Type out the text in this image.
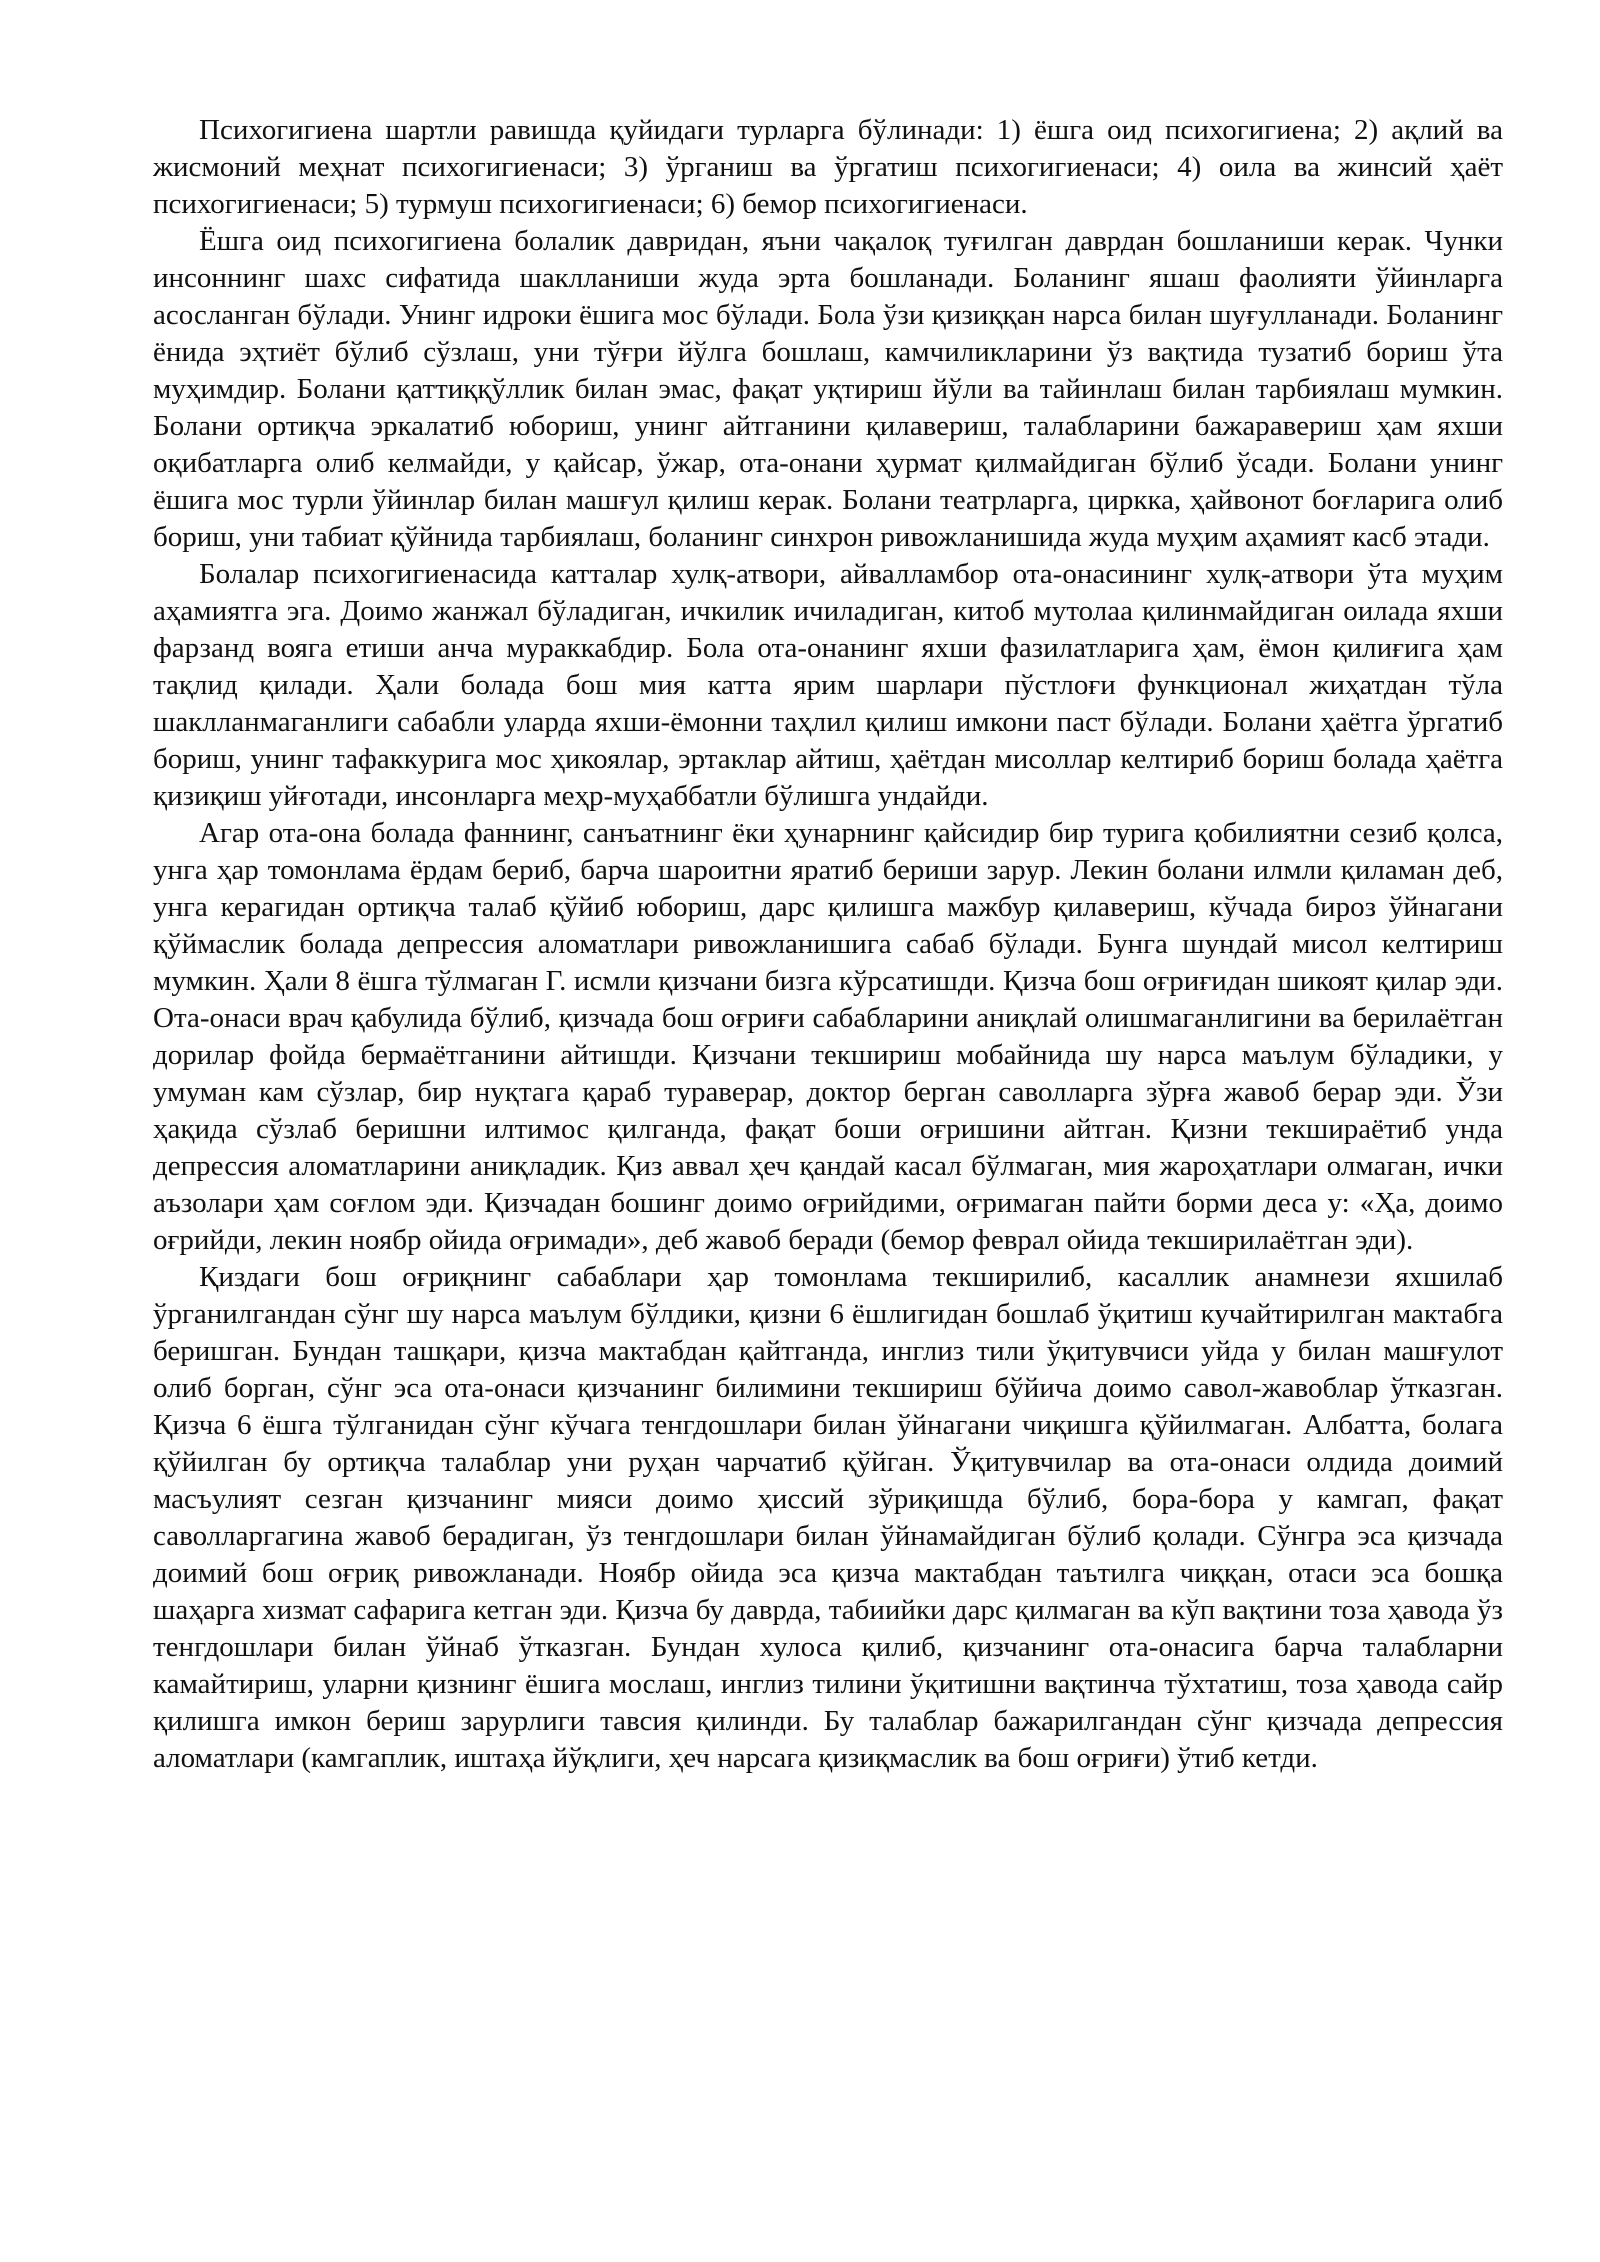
Психогигиена шартли равишда қуйидаги турларга бўлинади: 1) ёшга оид психогигиена; 2) ақлий ва жисмоний меҳнат психогигиенаси; 3) ўрганиш ва ўргатиш психогигиенаси; 4) оила ва жинсий ҳаёт психогигиенаси; 5) турмуш психогигиенаси; 6) бемор психогигиенаси.

Ёшга оид психогигиена болалик давридан, яъни чақалоқ туғилган даврдан бошланиши керак. Чунки инсоннинг шахс сифатида шаклланиши жуда эрта бошланади. Боланинг яшаш фаолияти ўйинларга асосланган бўлади. Унинг идроки ёшига мос бўлади. Бола ўзи қизиққан нарса билан шуғулланади. Боланинг ёнида эҳтиёт бўлиб сўзлаш, уни тўғри йўлга бошлаш, камчиликларини ўз вақтида тузатиб бориш ўта муҳимдир. Болани қаттиққўллик билан эмас, фақат уқтириш йўли ва тайинлаш билан тарбиялаш мумкин. Болани ортиқча эркалатиб юбориш, унинг айтганини қилавериш, талабларини бажаравериш ҳам яхши оқибатларга олиб келмайди, у қайсар, ўжар, ота-онани ҳурмат қилмайдиган бўлиб ўсади. Болани унинг ёшига мос турли ўйинлар билан машғул қилиш керак. Болани театрларга, циркка, ҳайвонот боғларига олиб бориш, уни табиат қўйнида тарбиялаш, боланинг синхрон ривожланишида жуда муҳим аҳамият касб этади.

Болалар психогигиенасида катталар хулқ-атвори, айвалламбор ота-онасининг хулқ-атвори ўта муҳим аҳамиятга эга. Доимо жанжал бўладиган, ичкилик ичиладиган, китоб мутолаа қилинмайдиган оилада яхши фарзанд вояга етиши анча мураккабдир. Бола ота-онанинг яхши фазилатларига ҳам, ёмон қилиғига ҳам тақлид қилади. Ҳали болада бош мия катта ярим шарлари пўстлоғи функционал жиҳатдан тўла шаклланмаганлиги сабабли уларда яхши-ёмонни таҳлил қилиш имкони паст бўлади. Болани ҳаётга ўргатиб бориш, унинг тафаккурига мос ҳикоялар, эртаклар айтиш, ҳаётдан мисоллар келтириб бориш болада ҳаётга қизиқиш уйғотади, инсонларга меҳр-муҳаббатли бўлишга ундайди.

Агар ота-она болада фаннинг, санъатнинг ёки ҳунарнинг қайсидир бир турига қобилиятни сезиб қолса, унга ҳар томонлама ёрдам бериб, барча шароитни яратиб бериши зарур. Лекин болани илмли қиламан деб, унга керагидан ортиқча талаб қўйиб юбориш, дарс қилишга мажбур қилавериш, кўчада бироз ўйнагани қўймаслик болада депрессия аломатлари ривожланишига сабаб бўлади. Бунга шундай мисол келтириш мумкин. Ҳали 8 ёшга тўлмаган Г. исмли қизчани бизга кўрсатишди. Қизча бош оғриғидан шикоят қилар эди. Ота-онаси врач қабулида бўлиб, қизчада бош оғриғи сабабларини аниқлай олишмаганлигини ва берилаётган дорилар фойда бермаётганини айтишди. Қизчани текшириш мобайнида шу нарса маълум бўладики, у умуман кам сўзлар, бир нуқтага қараб тураверар, доктор берган саволларга зўрға жавоб берар эди. Ўзи ҳақида сўзлаб беришни илтимос қилганда, фақат боши оғришини айтган. Қизни текшираётиб унда депрессия аломатларини аниқладик. Қиз аввал ҳеч қандай касал бўлмаган, мия жароҳатлари олмаган, ички аъзолари ҳам соғлом эди. Қизчадан бошинг доимо оғрийдими, оғримаган пайти борми деса у: «Ҳа, доимо оғрийди, лекин ноябр ойида оғримади», деб жавоб беради (бемор феврал ойида текширилаётган эди).

Қиздаги бош оғриқнинг сабаблари ҳар томонлама текширилиб, касаллик анамнези яхшилаб ўрганилгандан сўнг шу нарса маълум бўлдики, қизни 6 ёшлигидан бошлаб ўқитиш кучайтирилган мактабга беришган. Бундан ташқари, қизча мактабдан қайтганда, инглиз тили ўқитувчиси уйда у билан машғулот олиб борган, сўнг эса ота-онаси қизчанинг билимини текшириш бўйича доимо савол-жавоблар ўтказган. Қизча 6 ёшга тўлганидан сўнг кўчага тенгдошлари билан ўйнагани чиқишга қўйилмаган. Албатта, болага қўйилган бу ортиқча талаблар уни руҳан чарчатиб қўйган. Ўқитувчилар ва ота-онаси олдида доимий масъулият сезган қизчанинг мияси доимо ҳиссий зўриқишда бўлиб, бора-бора у камгап, фақат саволларгагина жавоб берадиган, ўз тенгдошлари билан ўйнамайдиган бўлиб қолади. Сўнгра эса қизчада доимий бош оғриқ ривожланади. Ноябр ойида эса қизча мактабдан таътилга чиққан, отаси эса бошқа шаҳарга хизмат сафарига кетган эди. Қизча бу даврда, табиийки дарс қилмаган ва кўп вақтини тоза ҳавода ўз тенгдошлари билан ўйнаб ўтказган. Бундан хулоса қилиб, қизчанинг ота-онасига барча талабларни камайтириш, уларни қизнинг ёшига мослаш, инглиз тилини ўқитишни вақтинча тўхтатиш, тоза ҳавода сайр қилишга имкон бериш зарурлиги тавсия қилинди. Бу талаблар бажарилгандан сўнг қизчада депрессия аломатлари (камгаплик, иштаҳа йўқлиги, ҳеч нарсага қизиқмаслик ва бош оғриғи) ўтиб кетди.
